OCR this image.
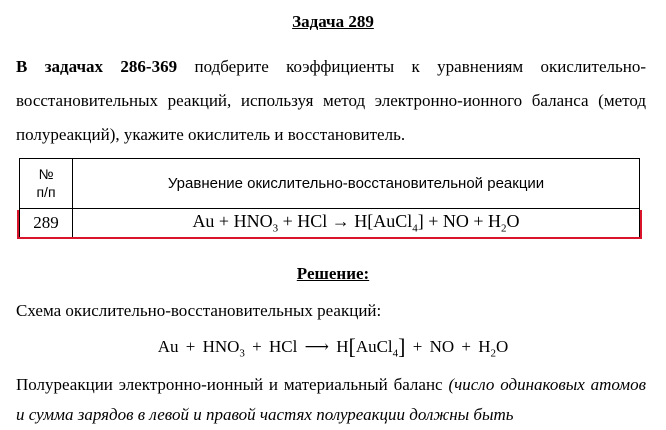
Задача 289
В задачах 286-369 подберите коэффициенты к уравнениям окислительно-восстановительных реакций, используя метод электронно-ионного баланса (метод полуреакций), укажите окислитель и восстановитель.
№
п/п	Уравнение окислительно-восстановительной реакции
289	$Au + HNO_3$ + HCl → H[AuCl$_4$] + NO + $H_2O$
Решение:
Схема окислительно-восстановительных реакций:
$Au + HNO_3$ + HCl ⟶ H[AuCl$_4$] + NO + $H_2O$
Полуреакции электронно-ионный и материальный баланс (число одинаковых атомов и сумма зарядов в левой и правой частях полуреакции должны быть
